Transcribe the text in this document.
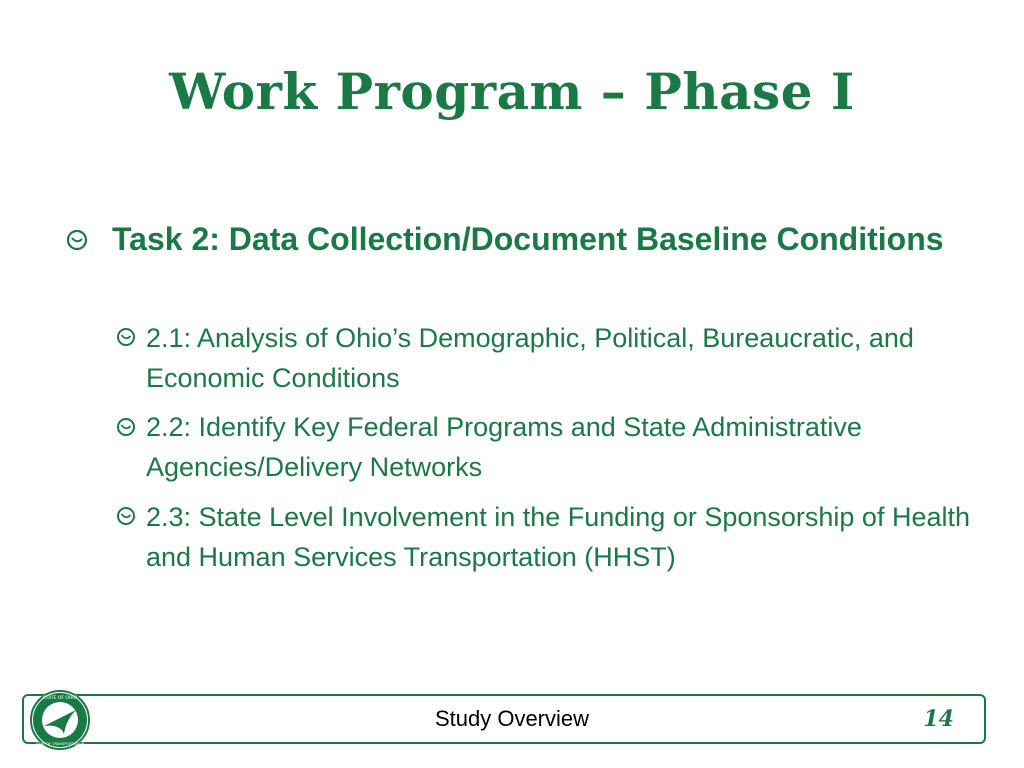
Work Program – Phase I
Task 2: Data Collection/Document Baseline Conditions
2.1: Analysis of Ohio’s Demographic, Political, Bureaucratic, and Economic Conditions
2.2: Identify Key Federal Programs and State Administrative Agencies/Delivery Networks
2.3: State Level Involvement in the Funding or Sponsorship of Health and Human Services Transportation (HHST)
STATE OF OHIO
DEPT OF TRANSPORTATION
Study Overview	14
